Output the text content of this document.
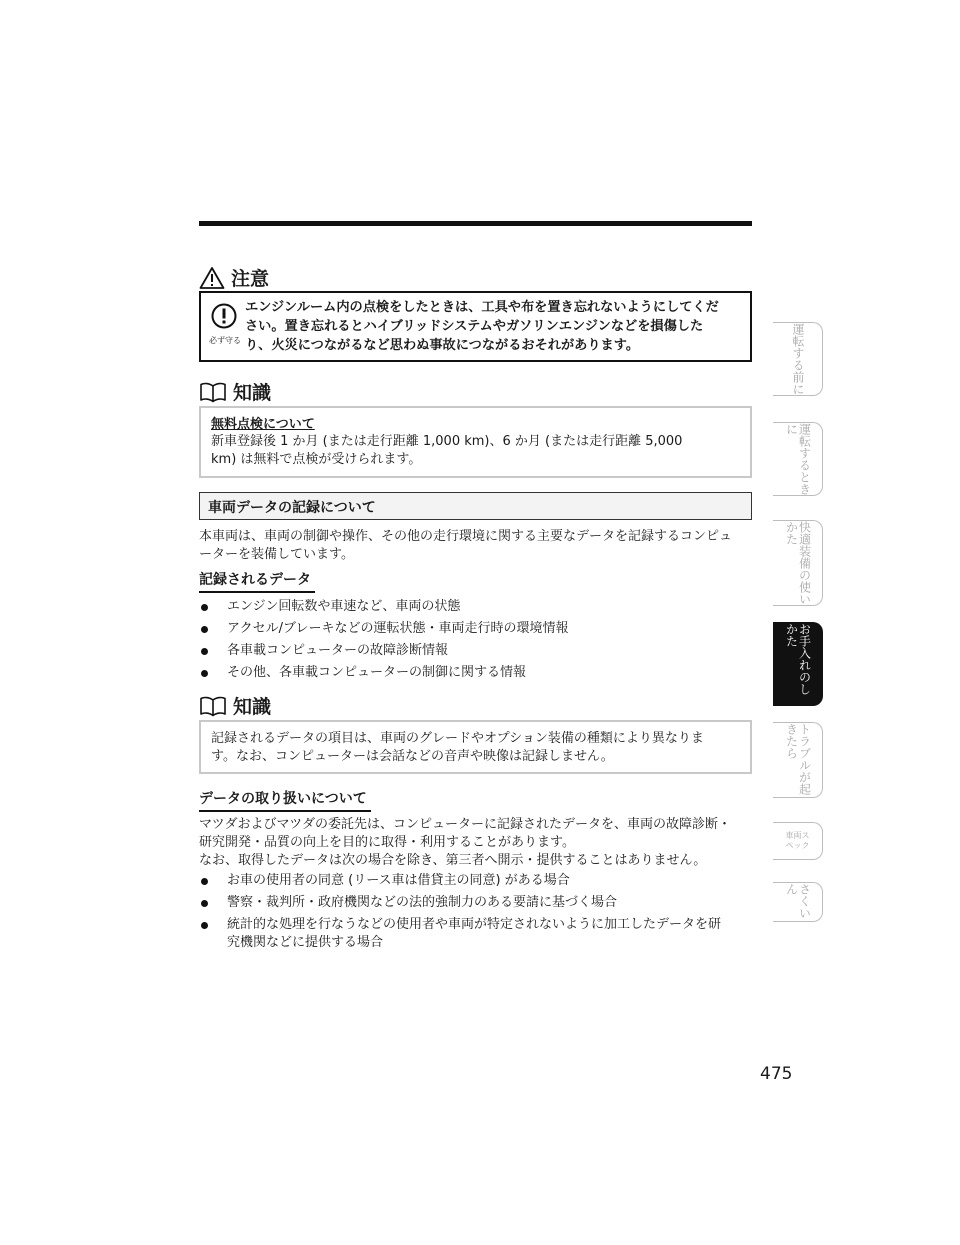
注意
必ず守る

エンジンルーム内の点検をしたときは、工具や布を置き忘れないようにしてくだ
さい。置き忘れるとハイブリッドシステムやガソリンエンジンなどを損傷した
り、火災につながるなど思わぬ事故につながるおそれがあります。

知識

無料点検について

新車登録後 1 か月 (または走行距離 1,000 km)、6 か月 (または走行距離 5,000
km) は無料で点検が受けられます。

車両データの記録について

本車両は、車両の制御や操作、その他の走行環境に関する主要なデータを記録するコンピュ
ーターを装備しています。

記録されるデータ
エンジン回転数や車速など、車両の状態
アクセル/ブレーキなどの運転状態・車両走行時の環境情報
各車載コンピューターの故障診断情報
その他、各車載コンピューターの制御に関する情報
知識

記録されるデータの項目は、車両のグレードやオプション装備の種類により異なりま
す。なお、コンピューターは会話などの音声や映像は記録しません。

データの取り扱いについて

マツダおよびマツダの委託先は、コンピューターに記録されたデータを、車両の故障診断・
研究開発・品質の向上を目的に取得・利用することがあります。
なお、取得したデータは次の場合を除き、第三者へ開示・提供することはありません。

お車の使用者の同意 (リース車は借貸主の同意) がある場合
警察・裁判所・政府機関などの法的強制力のある要請に基づく場合
統計的な処理を行なうなどの使用者や車両が特定されないように加工したデータを研
究機関などに提供する場合
運転する前に
運転するときに
快適装備の使いかた
お手入れのしかた
トラブルが起きたら
車両スペック
さくいん
475
